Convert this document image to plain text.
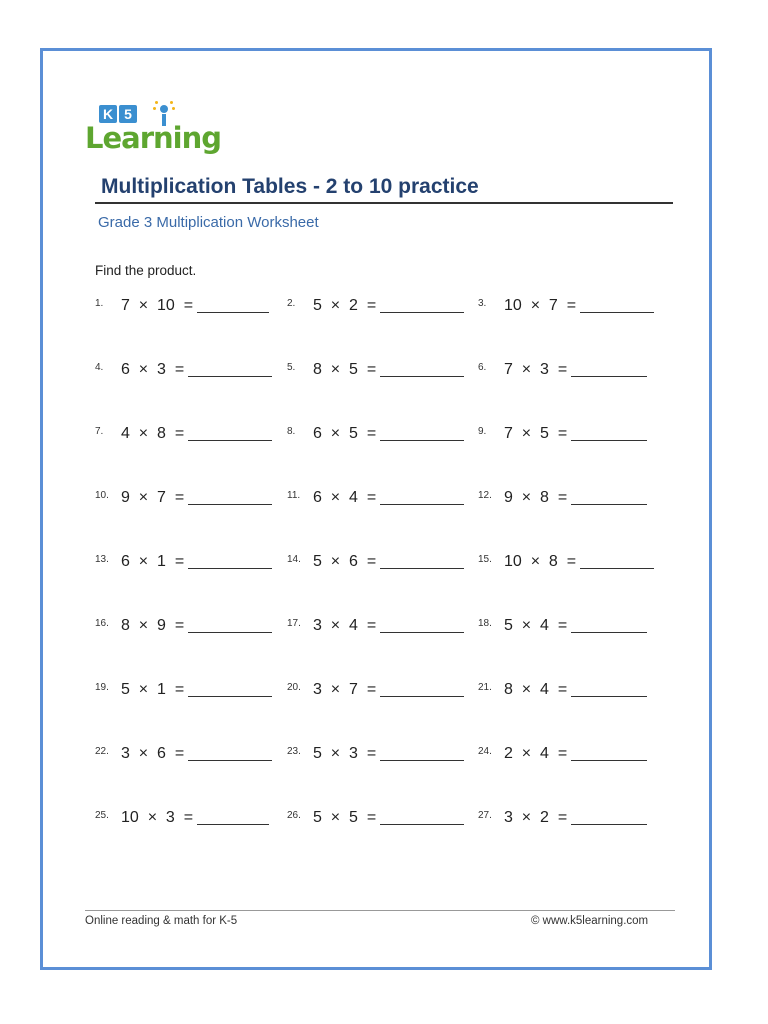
K 5
Learning
Multiplication Tables - 2 to 10 practice
Grade 3 Multiplication Worksheet
Find the product.
1.	7  ×  10  =	2.	5  ×  2  =	3.	10  ×  7  =
4.	6  ×  3  =	5.	8  ×  5  =	6.	7  ×  3  =
7.	4  ×  8  =	8.	6  ×  5  =	9.	7  ×  5  =
10. 9  ×  7  =	11. 6  ×  4  =	12. 9  ×  8  =
13. 6  ×  1  =	14. 5  ×  6  =	15. 10  ×  8  =
16. 8  ×  9  =	17. 3  ×  4  =	18. 5  ×  4  =
19. 5  ×  1  =	20. 3  ×  7  =	21. 8  ×  4  =
22. 3  ×  6  =	23. 5  ×  3  =	24. 2  ×  4  =
25. 10  ×  3  =	26. 5  ×  5  =	27. 3  ×  2  =
Online reading & math for K-5	© www.k5learning.com
